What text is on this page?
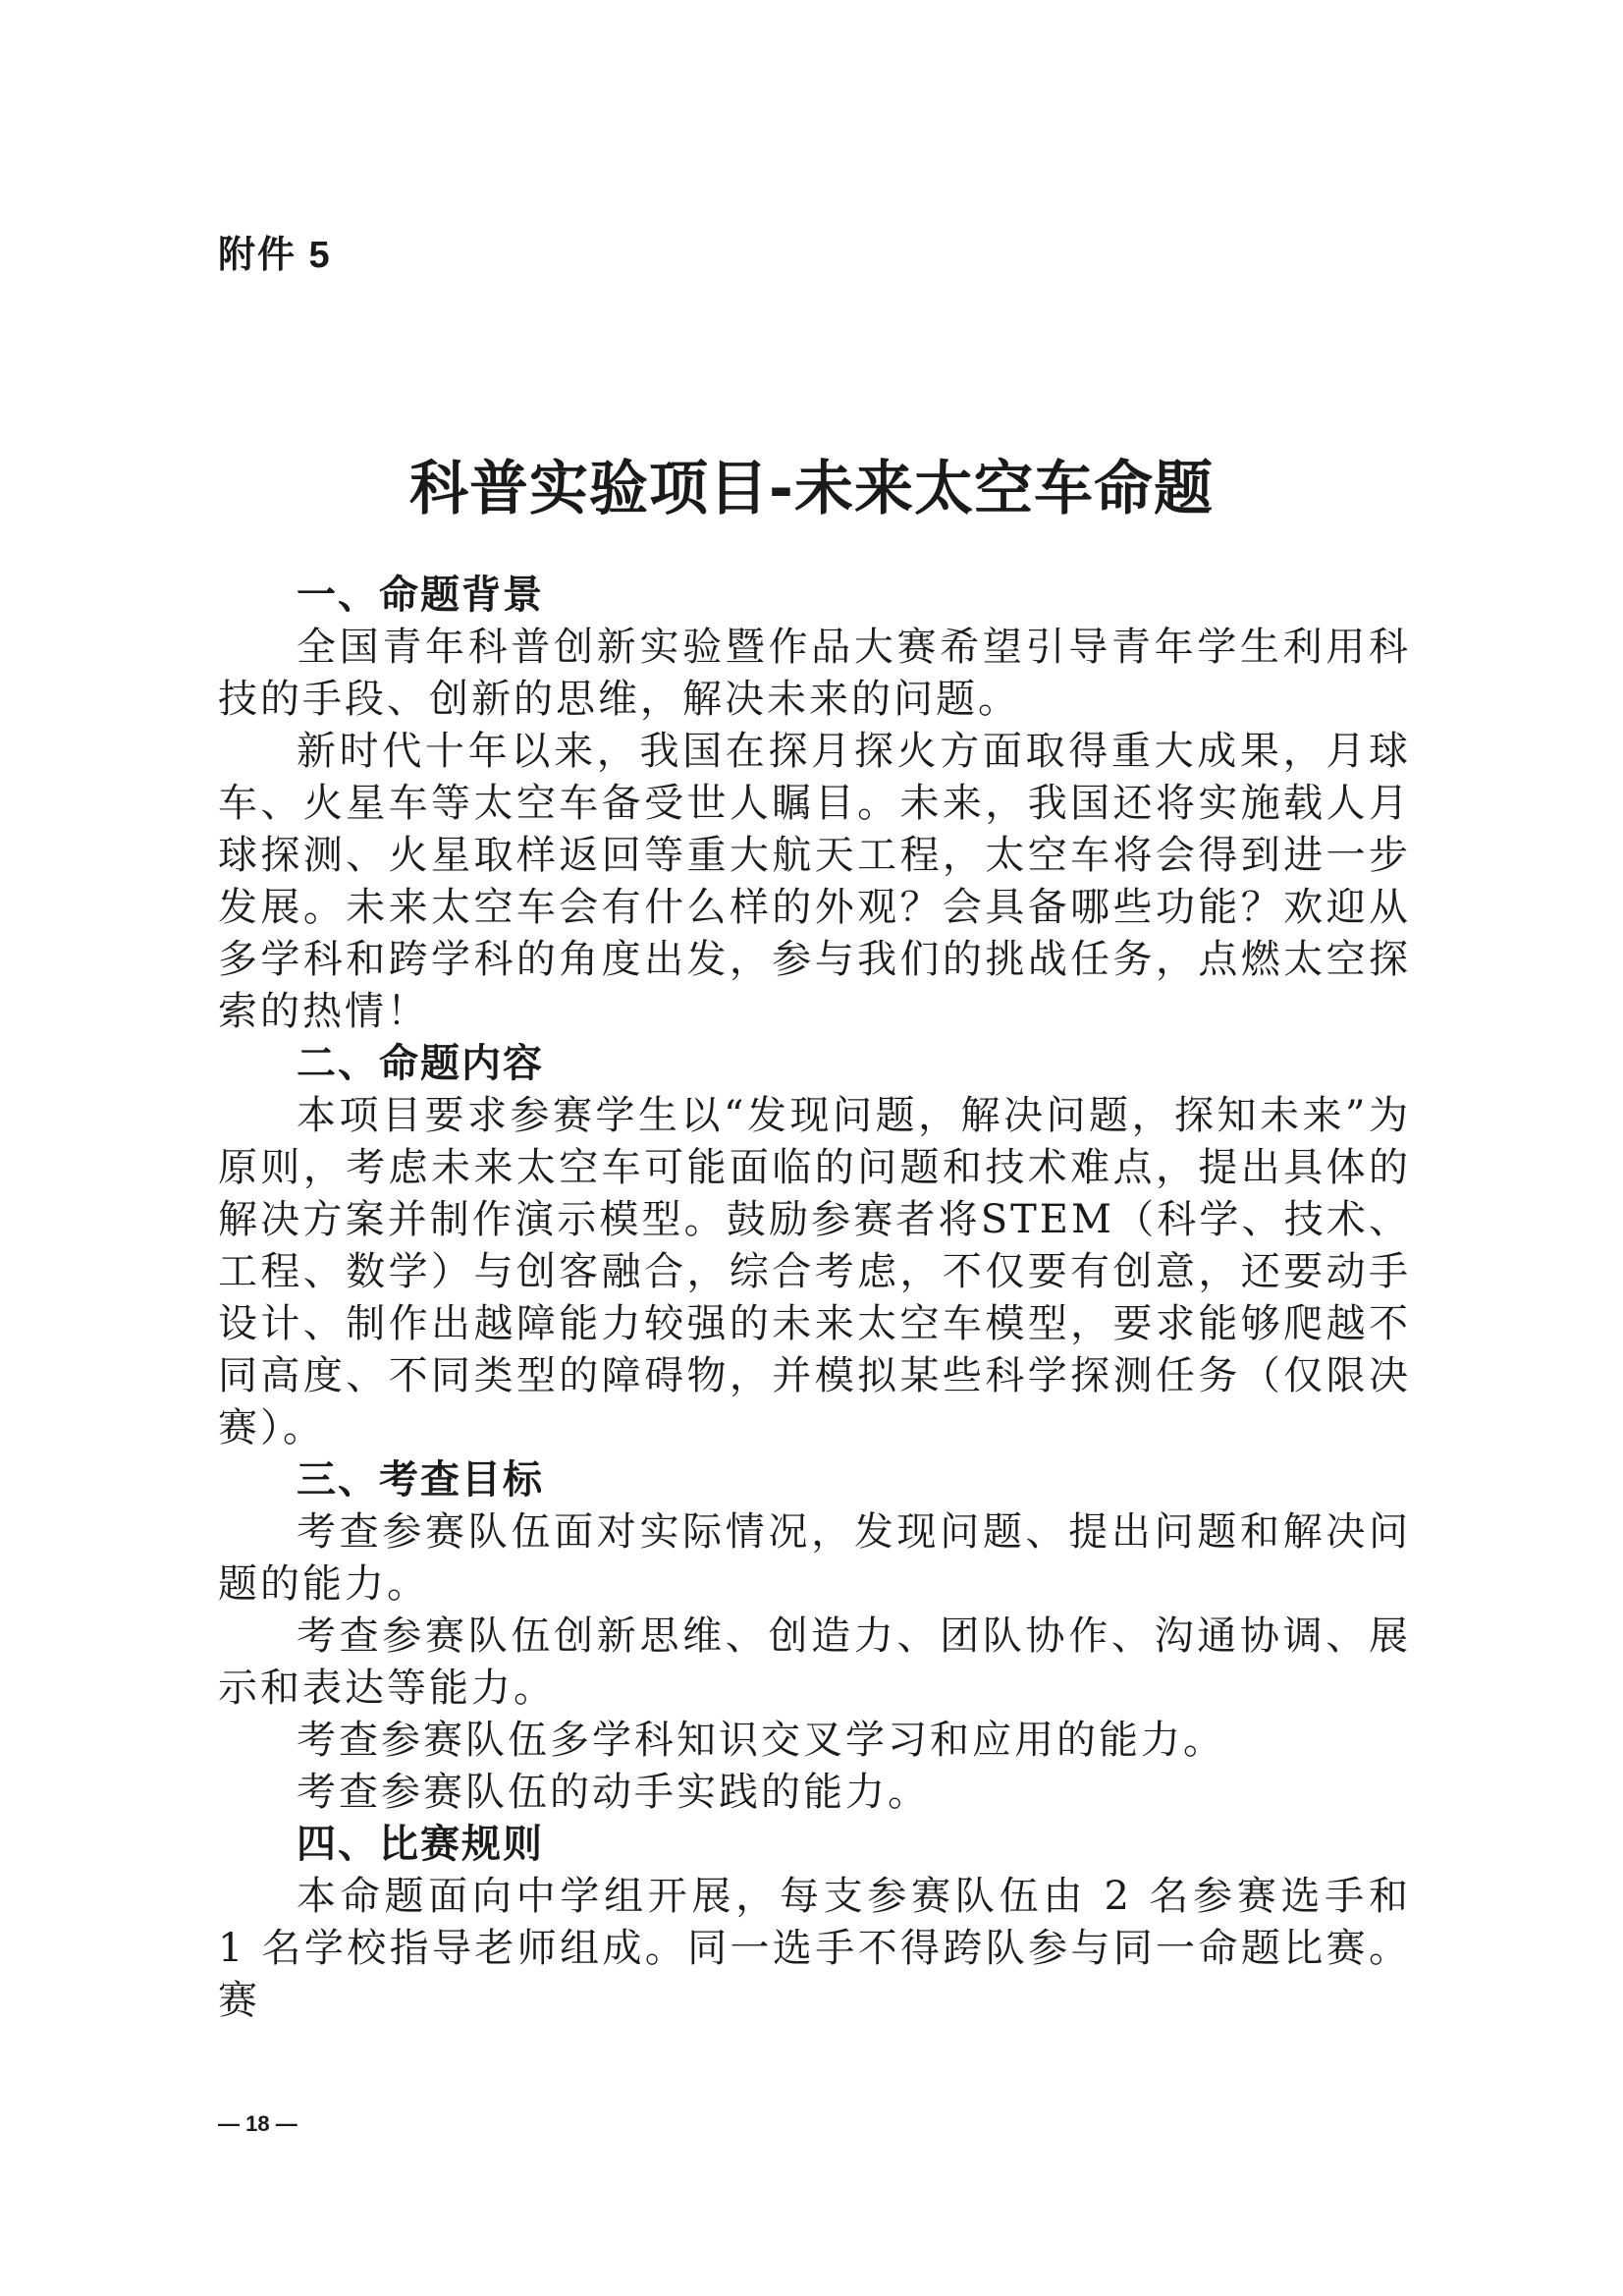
附件 5
科普实验项目-未来太空车命题
一、命题背景

全国青年科普创新实验暨作品大赛希望引导青年学生利用科技的手段、创新的思维，解决未来的问题。

新时代十年以来，我国在探月探火方面取得重大成果，月球车、火星车等太空车备受世人瞩目。未来，我国还将实施载人月球探测、火星取样返回等重大航天工程，太空车将会得到进一步发展。未来太空车会有什么样的外观？会具备哪些功能？欢迎从多学科和跨学科的角度出发，参与我们的挑战任务，点燃太空探索的热情！

二、命题内容

本项目要求参赛学生以“发现问题，解决问题，探知未来”为原则，考虑未来太空车可能面临的问题和技术难点，提出具体的解决方案并制作演示模型。鼓励参赛者将STEM（科学、技术、工程、数学）与创客融合，综合考虑，不仅要有创意，还要动手设计、制作出越障能力较强的未来太空车模型，要求能够爬越不同高度、不同类型的障碍物，并模拟某些科学探测任务（仅限决赛）。

三、考查目标

考查参赛队伍面对实际情况，发现问题、提出问题和解决问题的能力。

考查参赛队伍创新思维、创造力、团队协作、沟通协调、展示和表达等能力。

考查参赛队伍多学科知识交叉学习和应用的能力。

考查参赛队伍的动手实践的能力。

四、比赛规则

本命题面向中学组开展，每支参赛队伍由 2 名参赛选手和 1 名学校指导老师组成。同一选手不得跨队参与同一命题比赛。赛

— 18 —
